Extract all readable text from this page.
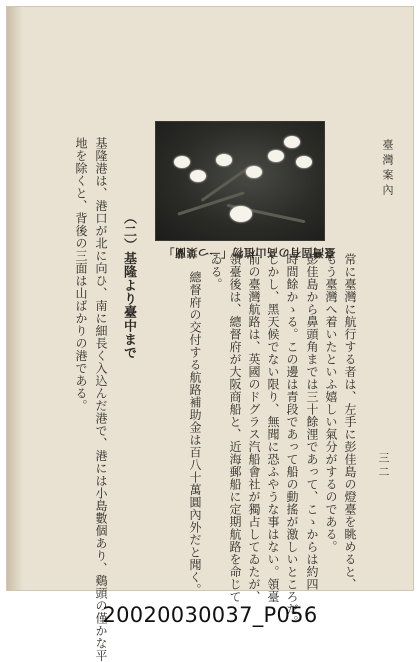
臺灣案內
三二
常に臺灣に航行する者は、左手に彭佳島の燈臺を眺めると、
もう臺灣へ着いたといふ嬉しい氣分がするのである。
彭佳島から鼻頭角までは三十餘浬であって、こゝからは約四
時間餘かゝる。この邊は青段であって船の動搖が激しいところだ。
しかし、黑天候でない限り、無聞に恐ふやうな事はない。領臺
前の臺灣航路は、英國のドグラス汽船會社が獨占してゐたが、
領臺後は、總督府が大阪商船と、近海郵船に定期航路を命じて
ゐる。
總督府の交付する航路補助金は百八十萬圓內外だと聞く。
臺灣固有の高山植物「一つ葉蘭」
（二）基隆より臺中まで
基隆港は、港口が北に向ひ、南に細長く入込んだ港で、港には小島數個あり、鷄頭の僅かな平
地を除くと、背後の三面は山ばかりの港である。
20020030037_P056
